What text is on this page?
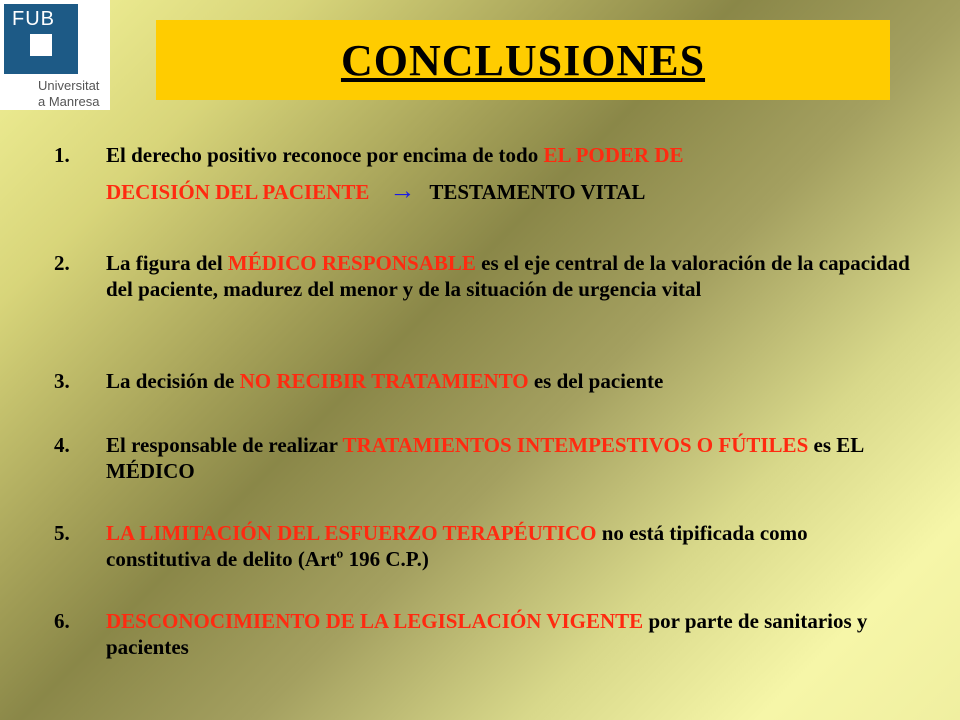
FUB
Universitat
a Manresa
CONCLUSIONES
1. El derecho positivo reconoce por encima de todo EL PODER DE
DECISIÓN DEL PACIENTE → TESTAMENTO VITAL
2. La figura del MÉDICO RESPONSABLE es el eje central de la valoración de la capacidad del paciente, madurez del menor y de la situación de urgencia vital
3. La decisión de NO RECIBIR TRATAMIENTO es del paciente
4. El responsable de realizar TRATAMIENTOS INTEMPESTIVOS O FÚTILES es EL MÉDICO
5. LA LIMITACIÓN DEL ESFUERZO TERAPÉUTICO no está tipificada como constitutiva de delito (Artº 196 C.P.)
6. DESCONOCIMIENTO DE LA LEGISLACIÓN VIGENTE por parte de sanitarios y pacientes
